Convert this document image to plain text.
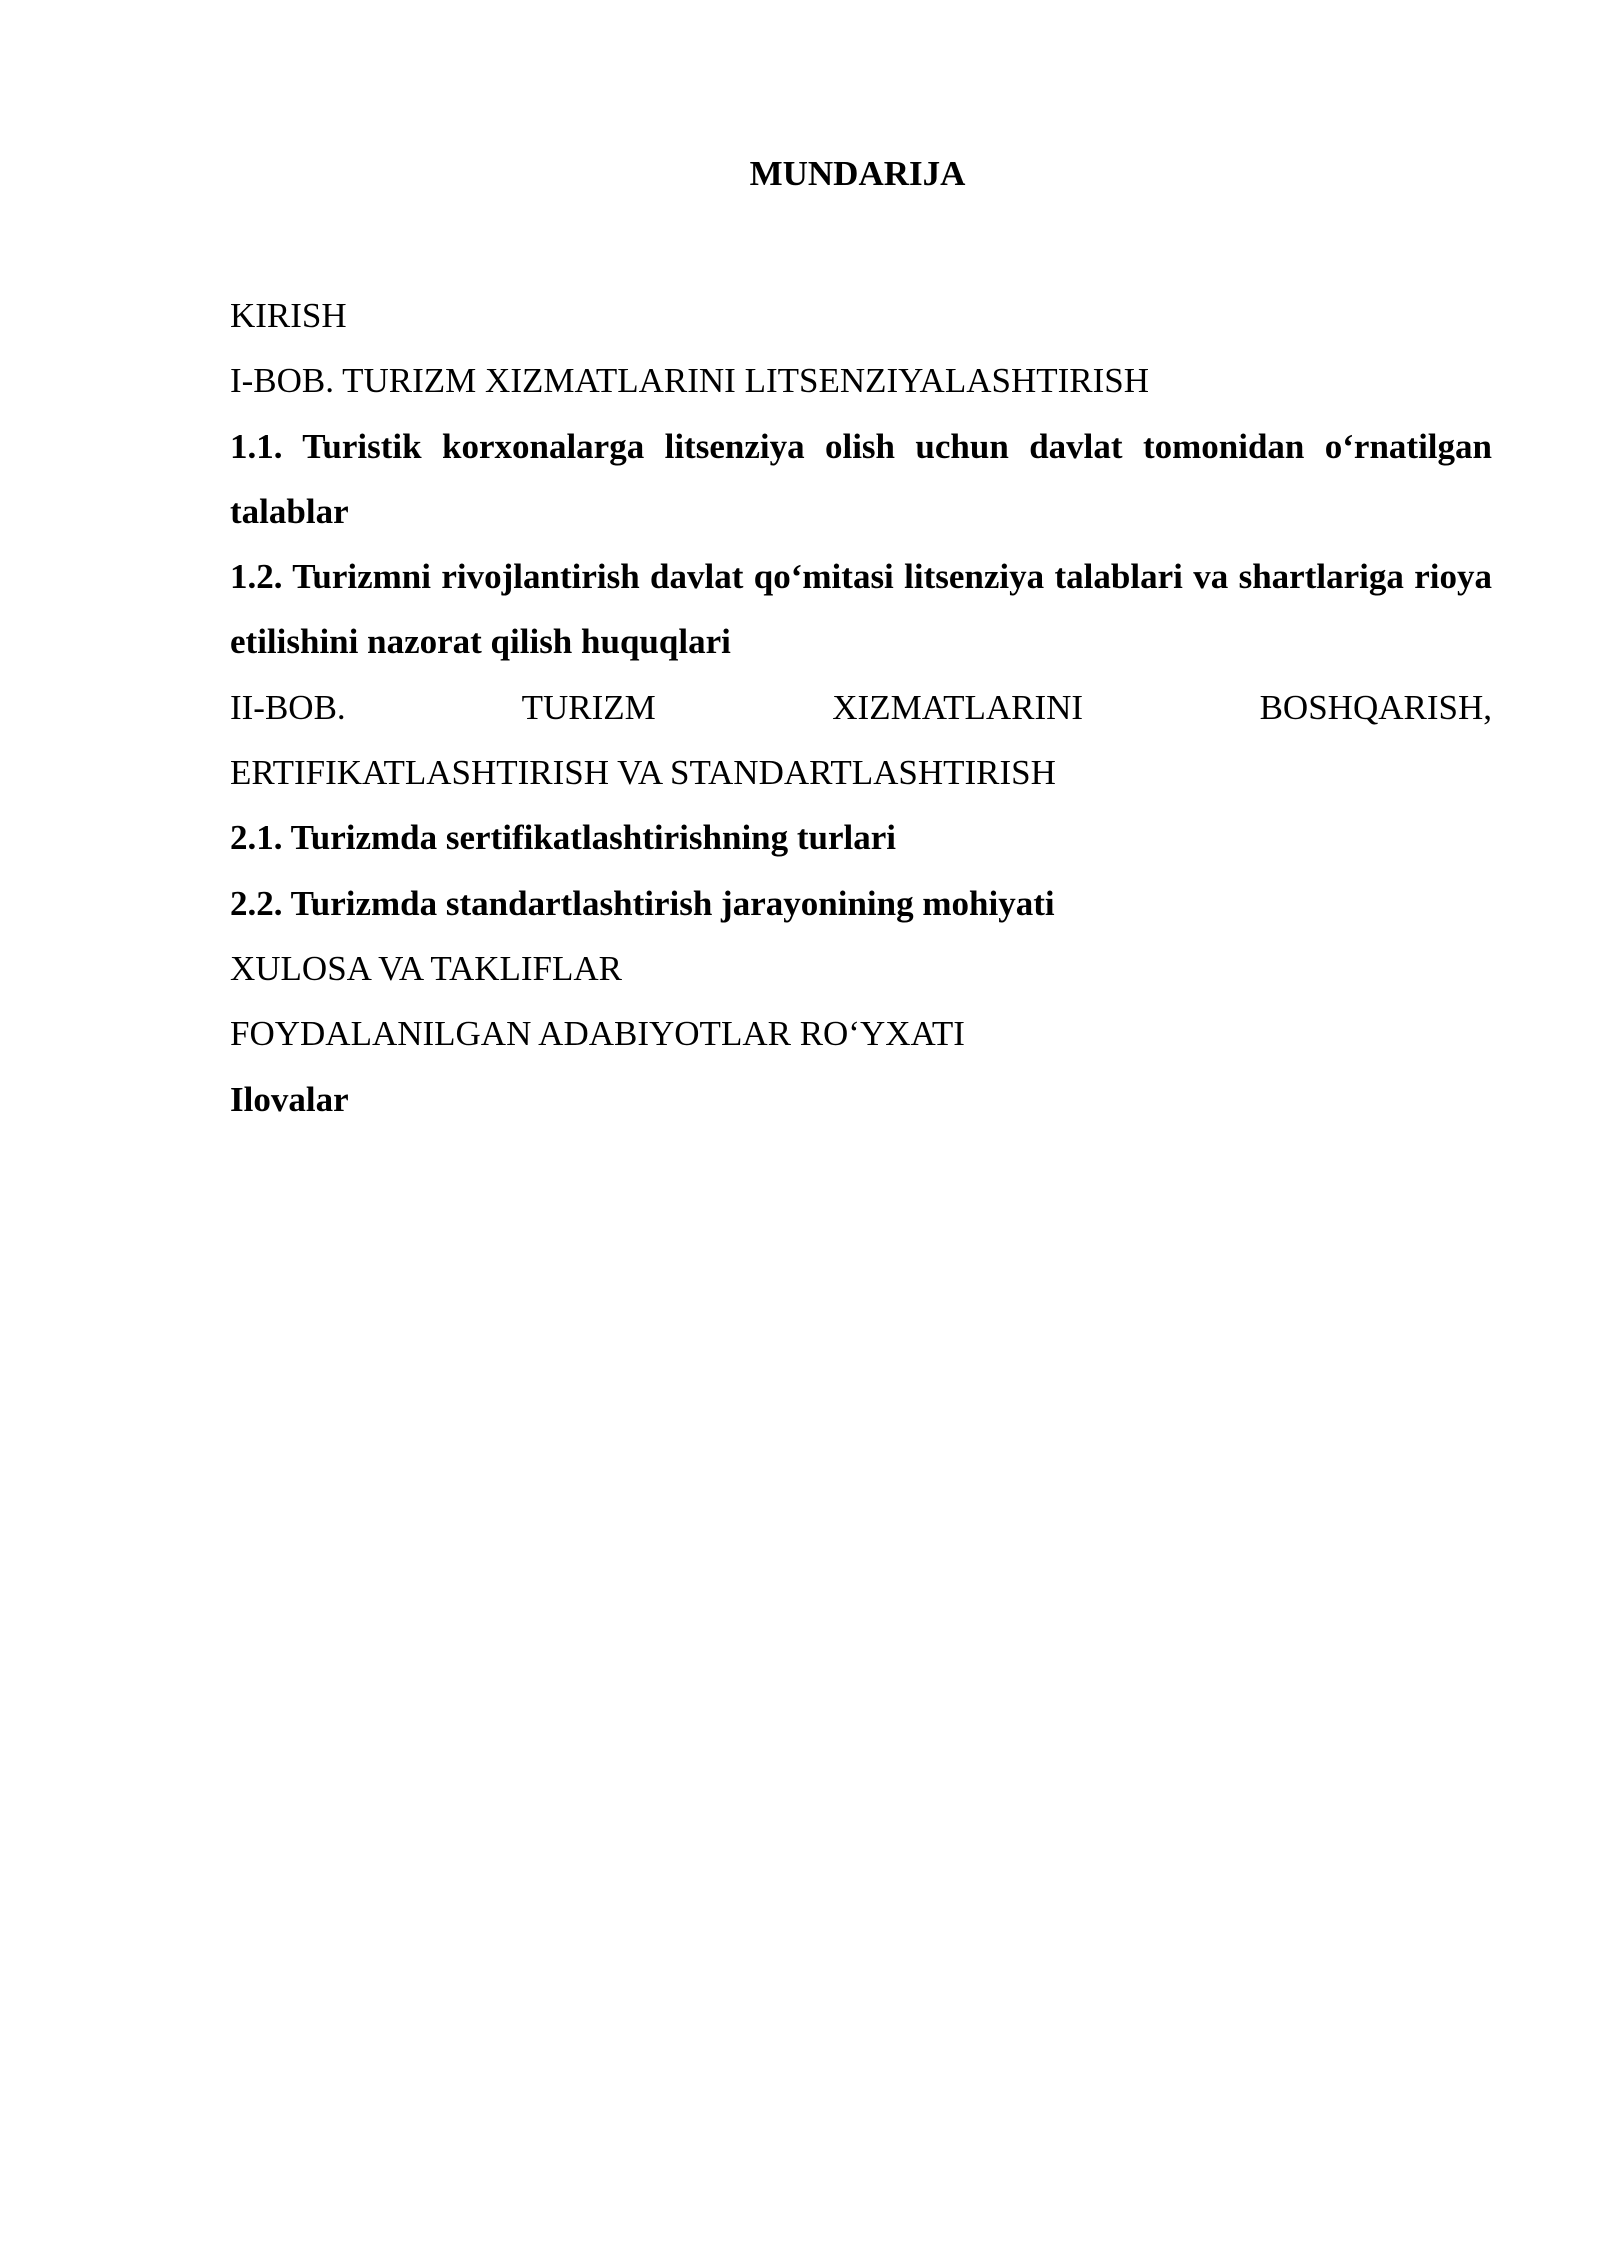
MUNDARIJA

KIRISH

I-BOB. TURIZM XIZMATLARINI LITSENZIYALASHTIRISH

1.1. Turistik korxonalarga litsenziya olish uchun davlat tomonidan o‘rnatilgan talablar

1.2. Turizmni rivojlantirish davlat qo‘mitasi litsenziya talablari va shartlariga rioya etilishini nazorat qilish huquqlari

II-BOB. TURIZM XIZMATLARINI BOSHQARISH,
ERTIFIKATLASHTIRISH VA STANDARTLASHTIRISH

2.1. Turizmda sertifikatlashtirishning turlari

2.2. Turizmda standartlashtirish jarayonining mohiyati

XULOSA VA TAKLIFLAR

FOYDALANILGAN ADABIYOTLAR RO‘YXATI

Ilovalar
